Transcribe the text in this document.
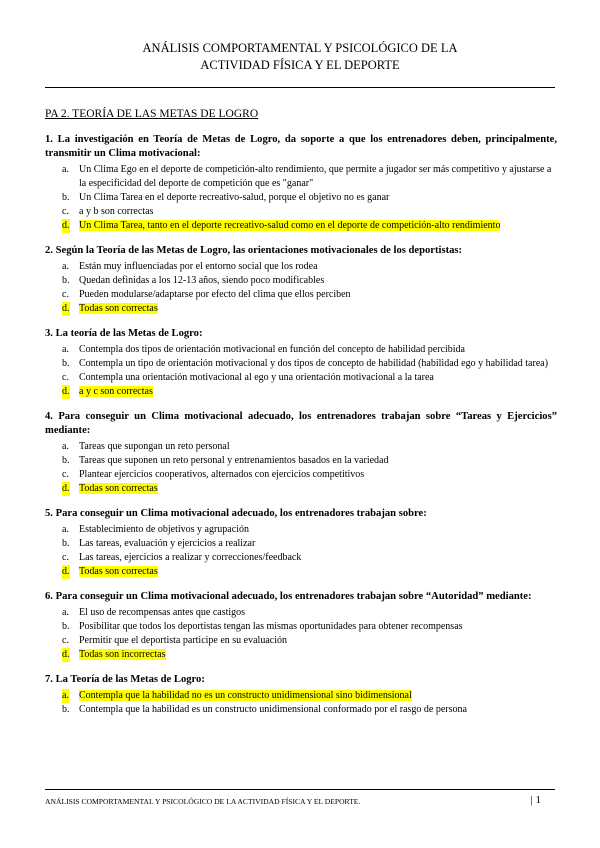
ANÁLISIS COMPORTAMENTAL Y PSICOLÓGICO DE LA
ACTIVIDAD FÍSICA Y EL DEPORTE
PA 2. TEORÍA DE LAS METAS DE LOGRO
1. La investigación en Teoría de Metas de Logro, da soporte a que los entrenadores deben, principalmente, transmitir un Clima motivacional:
a. Un Clima Ego en el deporte de competición-alto rendimiento, que permite a jugador ser más competitivo y ajustarse a la especificidad del deporte de competición que es "ganar"
b. Un Clima Tarea en el deporte recreativo-salud, porque el objetivo no es ganar
c. a y b son correctas
d. Un Clima Tarea, tanto en el deporte recreativo-salud como en el deporte de competición-alto rendimiento
2. Según la Teoría de las Metas de Logro, las orientaciones motivacionales de los deportistas:
a. Están muy influenciadas por el entorno social que los rodea
b. Quedan definidas a los 12-13 años, siendo poco modificables
c. Pueden modularse/adaptarse por efecto del clima que ellos perciben
d. Todas son correctas
3. La teoría de las Metas de Logro:
a. Contempla dos tipos de orientación motivacional en función del concepto de habilidad percibida
b. Contempla un tipo de orientación motivacional y dos tipos de concepto de habilidad (habilidad ego y habilidad tarea)
c. Contempla una orientación motivacional al ego y una orientación motivacional a la tarea
d. a y c son correctas
4. Para conseguir un Clima motivacional adecuado, los entrenadores trabajan sobre “Tareas y Ejercicios” mediante:
a. Tareas que supongan un reto personal
b. Tareas que suponen un reto personal y entrenamientos basados en la variedad
c. Plantear ejercicios cooperativos, alternados con ejercicios competitivos
d. Todas son correctas
5. Para conseguir un Clima motivacional adecuado, los entrenadores trabajan sobre:
a. Establecimiento de objetivos y agrupación
b. Las tareas, evaluación y ejercicios a realizar
c. Las tareas, ejercicios a realizar y correcciones/feedback
d. Todas son correctas
6. Para conseguir un Clima motivacional adecuado, los entrenadores trabajan sobre “Autoridad” mediante:
a. El uso de recompensas antes que castigos
b. Posibilitar que todos los deportistas tengan las mismas oportunidades para obtener recompensas
c. Permitir que el deportista participe en su evaluación
d. Todas son incorrectas
7. La Teoría de las Metas de Logro:
a. Contempla que la habilidad no es un constructo unidimensional sino bidimensional
b. Contempla que la habilidad es un constructo unidimensional conformado por el rasgo de persona
ANÁLISIS COMPORTAMENTAL Y PSICOLÓGICO DE LA ACTIVIDAD FÍSICA Y EL DEPORTE.	| 1
